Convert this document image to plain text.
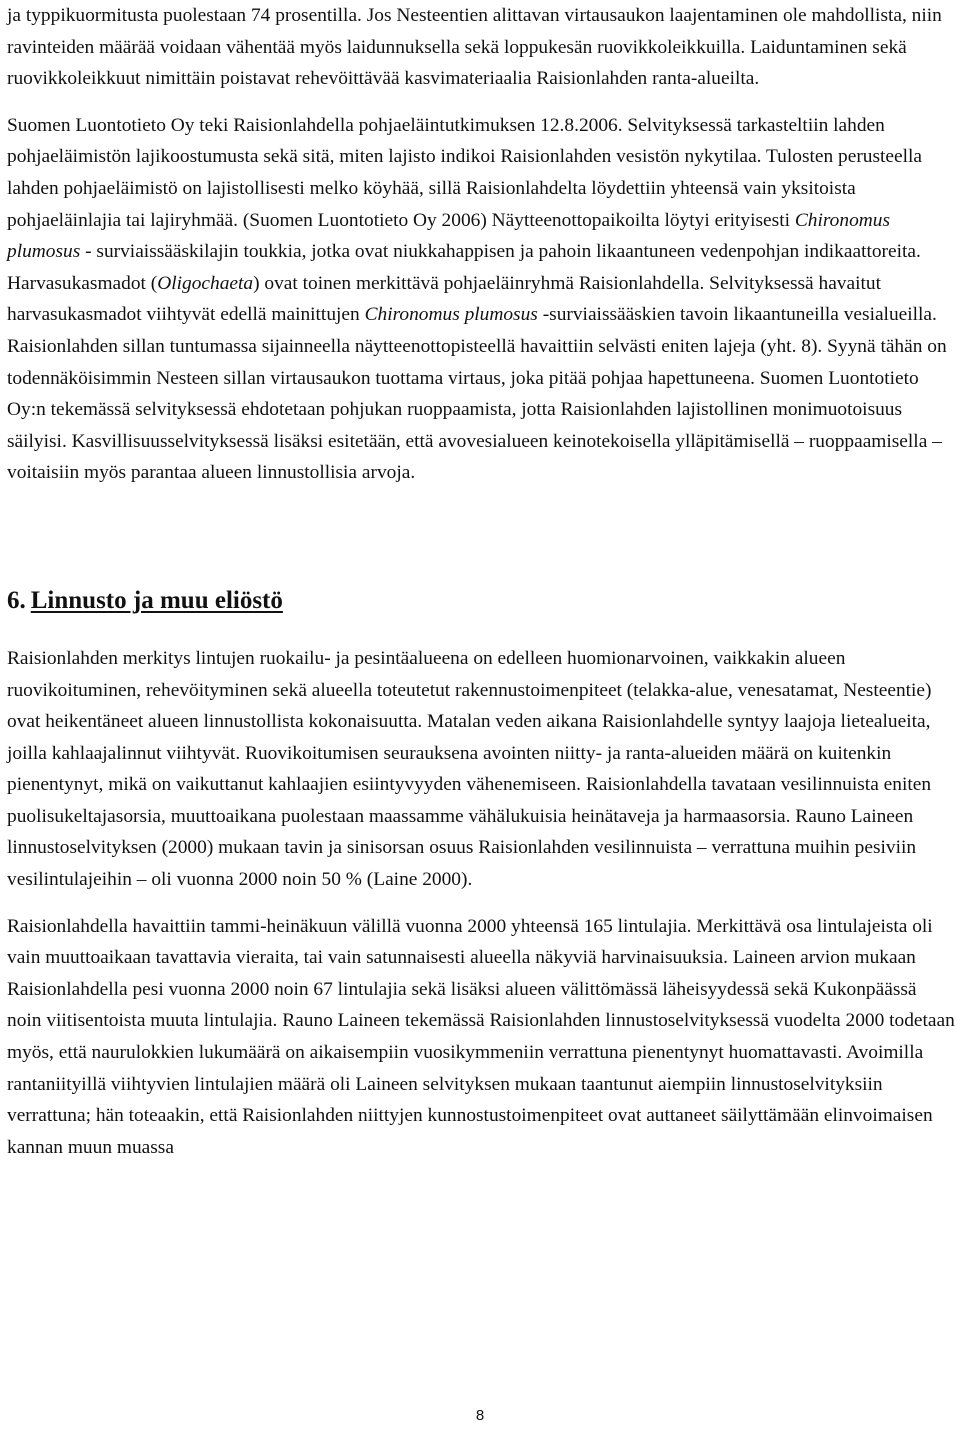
ja typpikuormitusta puolestaan 74 prosentilla. Jos Nesteentien alittavan virtausaukon laajentaminen ole mahdollista, niin ravinteiden määrää voidaan vähentää myös laidunnuksella sekä loppukesän ruovikkoleikkuilla. Laiduntaminen sekä ruovikkoleikkuut nimittäin poistavat rehevöittävää kasvimateriaalia Raisionlahden ranta-alueilta.

Suomen Luontotieto Oy teki Raisionlahdella pohjaeläintutkimuksen 12.8.2006. Selvityksessä tarkasteltiin lahden pohjaeläimistön lajikoostumusta sekä sitä, miten lajisto indikoi Raisionlahden vesistön nykytilaa. Tulosten perusteella lahden pohjaeläimistö on lajistollisesti melko köyhää, sillä Raisionlahdelta löydettiin yhteensä vain yksitoista pohjaeläinlajia tai lajiryhmää. (Suomen Luontotieto Oy 2006) Näytteenottopaikoilta löytyi erityisesti Chironomus plumosus - surviaissääskilajin toukkia, jotka ovat niukkahappisen ja pahoin likaantuneen vedenpohjan indikaattoreita. Harvasukasmadot (Oligochaeta) ovat toinen merkittävä pohjaeläinryhmä Raisionlahdella. Selvityksessä havaitut harvasukasmadot viihtyvät edellä mainittujen Chironomus plumosus -surviaissääskien tavoin likaantuneilla vesialueilla. Raisionlahden sillan tuntumassa sijainneella näytteenottopisteellä havaittiin selvästi eniten lajeja (yht. 8). Syynä tähän on todennäköisimmin Nesteen sillan virtausaukon tuottama virtaus, joka pitää pohjaa hapettuneena. Suomen Luontotieto Oy:n tekemässä selvityksessä ehdotetaan pohjukan ruoppaamista, jotta Raisionlahden lajistollinen monimuotoisuus säilyisi. Kasvillisuusselvityksessä lisäksi esitetään, että avovesialueen keinotekoisella ylläpitämisellä – ruoppaamisella – voitaisiin myös parantaa alueen linnustollisia arvoja.

6. Linnusto ja muu eliöstö

Raisionlahden merkitys lintujen ruokailu- ja pesintäalueena on edelleen huomionarvoinen, vaikkakin alueen ruovikoituminen, rehevöityminen sekä alueella toteutetut rakennustoimenpiteet (telakka-alue, venesatamat, Nesteentie) ovat heikentäneet alueen linnustollista kokonaisuutta. Matalan veden aikana Raisionlahdelle syntyy laajoja lietealueita, joilla kahlaajalinnut viihtyvät. Ruovikoitumisen seurauksena avointen niitty- ja ranta-alueiden määrä on kuitenkin pienentynyt, mikä on vaikuttanut kahlaajien esiintyvyyden vähenemiseen. Raisionlahdella tavataan vesilinnuista eniten puolisukeltajasorsia, muuttoaikana puolestaan maassamme vähälukuisia heinätaveja ja harmaasorsia. Rauno Laineen linnustoselvityksen (2000) mukaan tavin ja sinisorsan osuus Raisionlahden vesilinnuista – verrattuna muihin pesiviin vesilintulajeihin – oli vuonna 2000 noin 50 % (Laine 2000).

Raisionlahdella havaittiin tammi-heinäkuun välillä vuonna 2000 yhteensä 165 lintulajia. Merkittävä osa lintulajeista oli vain muuttoaikaan tavattavia vieraita, tai vain satunnaisesti alueella näkyviä harvinaisuuksia. Laineen arvion mukaan Raisionlahdella pesi vuonna 2000 noin 67 lintulajia sekä lisäksi alueen välittömässä läheisyydessä sekä Kukonpäässä noin viitisentoista muuta lintulajia. Rauno Laineen tekemässä Raisionlahden linnustoselvityksessä vuodelta 2000 todetaan myös, että naurulokkien lukumäärä on aikaisempiin vuosikymmeniin verrattuna pienentynyt huomattavasti. Avoimilla rantaniityillä viihtyvien lintulajien määrä oli Laineen selvityksen mukaan taantunut aiempiin linnustoselvityksiin verrattuna; hän toteaakin, että Raisionlahden niittyjen kunnostustoimenpiteet ovat auttaneet säilyttämään elinvoimaisen kannan muun muassa

8
